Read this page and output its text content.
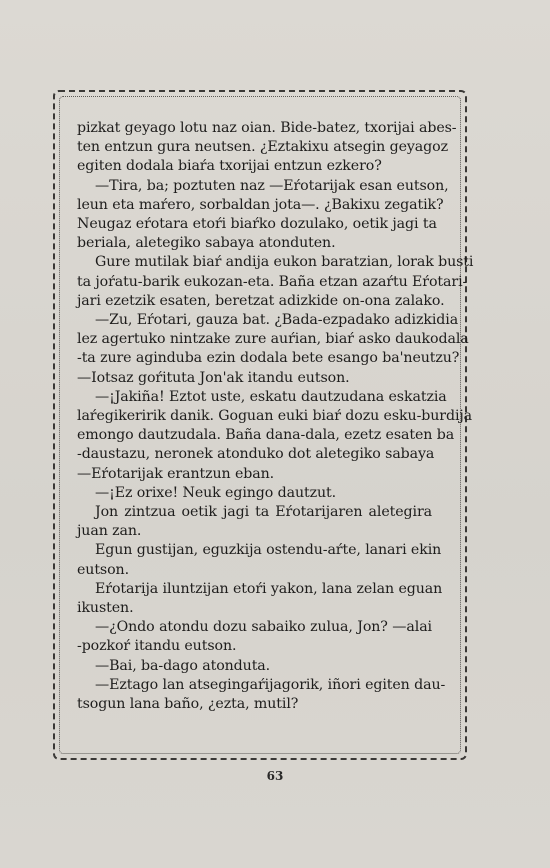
pizkat geyago lotu naz oian. Bide-batez, txorijai abes-
ten entzun gura neutsen. ¿Eztakixu atsegin geyagoz
egiten dodala biaŕa txorijai entzun ezkero?
—Tira, ba; poztuten naz —Eŕotarijak esan eutson,
leun eta maŕero, sorbaldan jota—. ¿Bakixu zegatik?
Neugaz eŕotara etoŕi biaŕko dozulako, oetik jagi ta
beriala, aletegiko sabaya atonduten.
Gure mutilak biaŕ andija eukon baratzian, lorak busti
ta joŕatu-barik eukozan-eta. Baña etzan azaŕtu Eŕotari-
jari ezetzik esaten, beretzat adizkide on-ona zalako.
—Zu, Eŕotari, gauza bat. ¿Bada-ezpadako adizkidia
lez agertuko nintzake zure auŕian, biaŕ asko daukodala
-ta zure aginduba ezin dodala bete esango ba'neutzu?
—Iotsaz goŕituta Jon'ak itandu eutson.
—¡Jakiña! Eztot uste, eskatu dautzudana eskatzia
laŕegikeririk danik. Goguan euki biaŕ dozu esku-burdija
emongo dautzudala. Baña dana-dala, ezetz esaten ba
-daustazu, neronek atonduko dot aletegiko sabaya
—Eŕotarijak erantzun eban.
—¡Ez orixe! Neuk egingo dautzut.
Jon zintzua oetik jagi ta Eŕotarijaren aletegira
juan zan.
Egun gustijan, eguzkija ostendu-aŕte, lanari ekin
eutson.
Eŕotarija iluntzijan etoŕi yakon, lana zelan eguan
ikusten.
—¿Ondo atondu dozu sabaiko zulua, Jon? —alai
-pozkoŕ itandu eutson.
—Bai, ba-dago atonduta.
—Eztago lan atsegingaŕijagorik, iñori egiten dau-
tsogun lana baño, ¿ezta, mutil?
63
